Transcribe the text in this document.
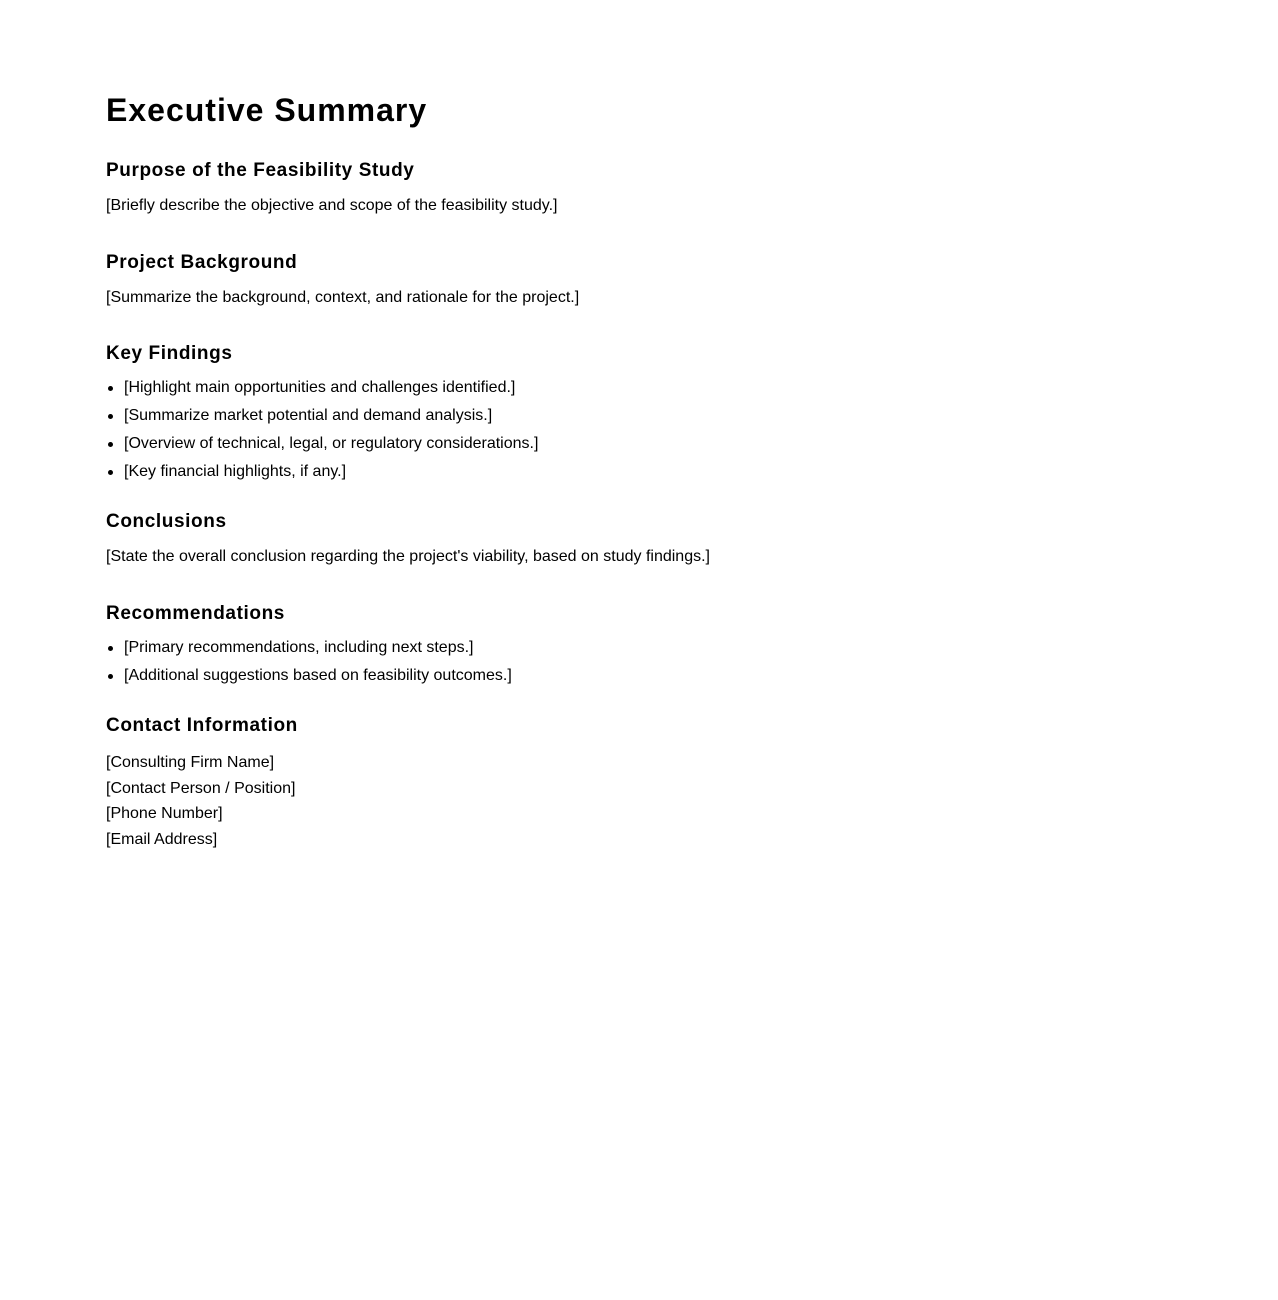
Executive Summary
Purpose of the Feasibility Study

[Briefly describe the objective and scope of the feasibility study.]

Project Background

[Summarize the background, context, and rationale for the project.]

Key Findings
[Highlight main opportunities and challenges identified.]
[Summarize market potential and demand analysis.]
[Overview of technical, legal, or regulatory considerations.]
[Key financial highlights, if any.]
Conclusions

[State the overall conclusion regarding the project's viability, based on study findings.]

Recommendations
[Primary recommendations, including next steps.]
[Additional suggestions based on feasibility outcomes.]
Contact Information
[Consulting Firm Name]
[Contact Person / Position]
[Phone Number]
[Email Address]
